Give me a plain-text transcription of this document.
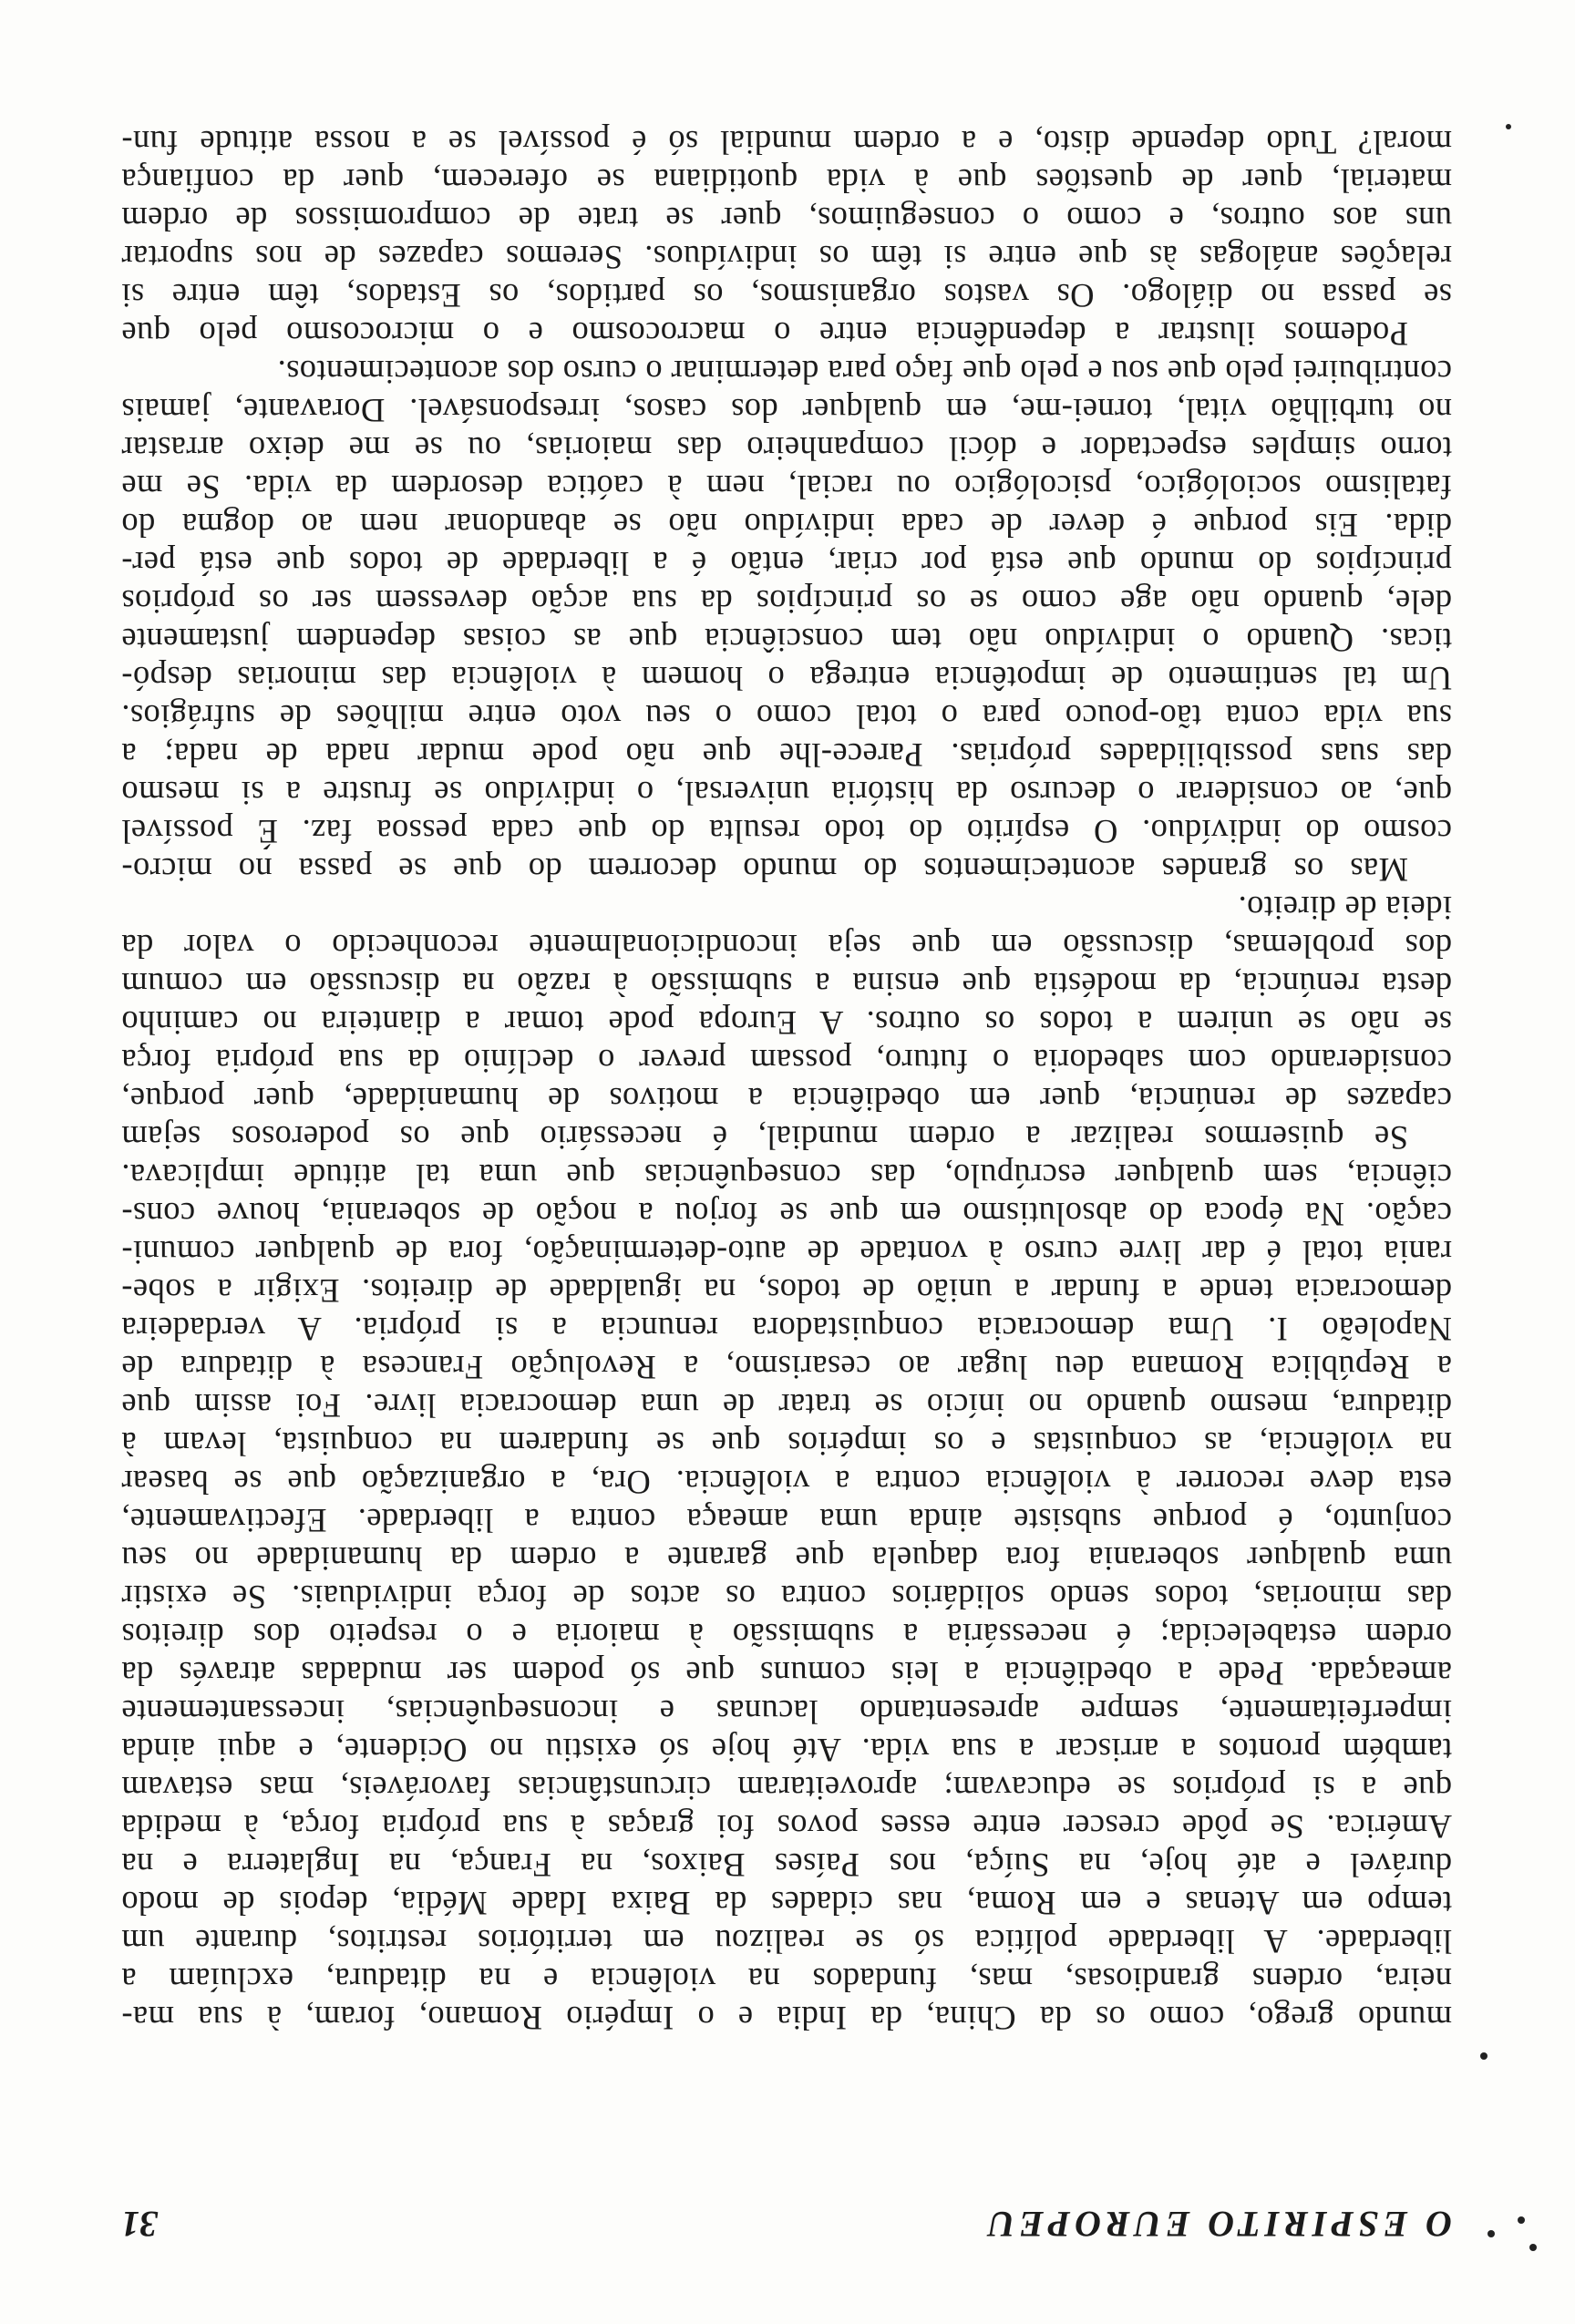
O ESPIRITO EUROPEU
31

mundo grego, como os da China, da India e o Império Romano, foram, à sua ma-
neira, ordens grandiosas, mas, fundados na violência e na ditadura, excluíam a
liberdade. A liberdade política só se realizou em territórios restritos, durante um
tempo em Atenas e em Roma, nas cidades da Baixa Idade Média, depois de modo
durável e até hoje, na Suíça, nos Países Baixos, na França, na Inglaterra e na
América. Se pôde crescer entre esses povos foi graças à sua própria força, à medida
que a si próprios se educavam; aproveitaram circunstâncias favoráveis, mas estavam
também prontos a arriscar a sua vida. Até hoje só existiu no Ocidente, e aqui ainda
imperfeitamente, sempre apresentando lacunas e inconsequências, incessantemente
ameaçada. Pede a obediência a leis comuns que só podem ser mudadas através da
ordem estabelecida; é necessária a submissão à maioria e o respeito dos direitos
das minorias, todos sendo solidários contra os actos de força individuais. Se existir
uma qualquer soberania fora daquela que garante a ordem da humanidade no seu
conjunto, é porque subsiste ainda uma ameaça contra a liberdade. Efectivamente,
esta deve recorrer à violência contra a violência. Ora, a organização que se basear
na violência, as conquistas e os impérios que se fundarem na conquista, levam à
ditadura, mesmo quando no início se tratar de uma democracia livre. Foi assim que
a República Romana deu lugar ao cesarismo, a Revolução Francesa à ditadura de
Napoleão I. Uma democracia conquistadora renuncia a si própria. A verdadeira
democracia tende a fundar a união de todos, na igualdade de direitos. Exigir a sobe-
rania total é dar livre curso à vontade de auto-determinação, fora de qualquer comuni-
cação. Na época do absolutismo em que se forjou a noção de soberania, houve cons-
ciência, sem qualquer escrúpulo, das consequências que uma tal atitude implicava.

Se quisermos realizar a ordem mundial, é necessário que os poderosos sejam
capazes de renúncia, quer em obediência a motivos de humanidade, quer porque,
considerando com sabedoria o futuro, possam prever o declínio da sua própria força
se não se unirem a todos os outros. A Europa pode tomar a dianteira no caminho
desta renúncia, da modéstia que ensina a submissão à razão na discussão em comum
dos problemas, discussão em que seja incondicionalmente reconhecido o valor da
ideia de direito.

Mas os grandes acontecimentos do mundo decorrem do que se passa no micro-
cosmo do indivíduo. O espírito do todo resulta do que cada pessoa faz. É possível
que, ao considerar o decurso da história universal, o indivíduo se frustre a si mesmo
das suas possibilidades próprias. Parece-lhe que não pode mudar nada de nada; a
sua vida conta tão-pouco para o total como o seu voto entre milhões de sufrágios.
Um tal sentimento de impotência entrega o homem à violência das minorias despó-
ticas. Quando o indivíduo não tem consciência que as coisas dependem justamente
dele, quando não age como se os princípios da sua acção devessem ser os próprios
princípios do mundo que está por criar, então é a liberdade de todos que está per-
dida. Eis porque é dever de cada indivíduo não se abandonar nem ao dogma do
fatalismo sociológico, psicológico ou racial, nem à caótica desordem da vida. Se me
torno simples espectador e dócil companheiro das maiorias, ou se me deixo arrastar
no turbilhão vital, tornei-me, em qualquer dos casos, irresponsável. Doravante, jamais
contribuirei pelo que sou e pelo que faço para determinar o curso dos acontecimentos.

Podemos ilustrar a dependência entre o macrocosmo e o microcosmo pelo que
se passa no diálogo. Os vastos organismos, os partidos, os Estados, têm entre si
relações análogas às que entre si têm os indivíduos. Seremos capazes de nos suportar
uns aos outros, e como o conseguimos, quer se trate de compromissos de ordem
material, quer de questões que à vida quotidiana se oferecem, quer da confiança
moral? Tudo depende disto, e a ordem mundial só é possível se a nossa atitude fun-
